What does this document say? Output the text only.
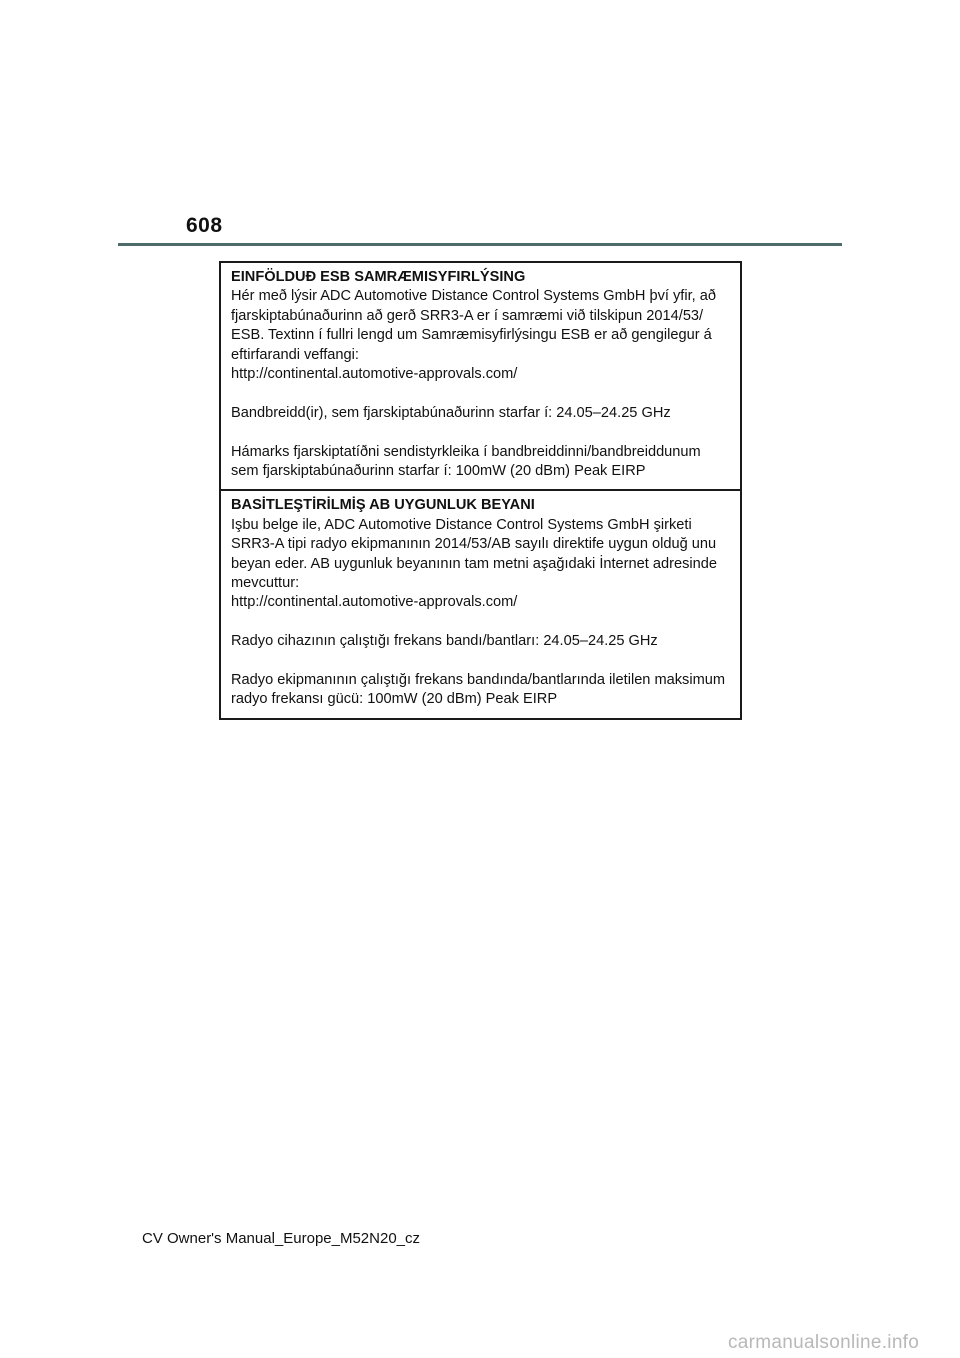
608

EINFÖLDUÐ ESB SAMRÆMISYFIRLÝSING

Hér með lýsir ADC Automotive Distance Control Systems GmbH því yfir, að fjarskiptabúnaðurinn að gerð SRR3-A er í samræmi við tilskipun 2014/53/ ESB. Textinn í fullri lengd um Samræmisyfirlýsingu ESB er að gengilegur á eftirfarandi veffangi:

http://continental.automotive-approvals.com/

Bandbreidd(ir), sem fjarskiptabúnaðurinn starfar í: 24.05–24.25 GHz

Hámarks fjarskiptatíðni sendistyrkleika í bandbreiddinni/bandbreiddunum sem fjarskiptabúnaðurinn starfar í: 100mW (20 dBm) Peak EIRP

BASİTLEŞTİRİLMİŞ AB UYGUNLUK BEYANI

Işbu belge ile, ADC Automotive Distance Control Systems GmbH şirketi SRR3-A tipi radyo ekipmanının 2014/53/AB sayılı direktife uygun olduğ unu beyan eder. AB uygunluk beyanının tam metni aşağıdaki İnternet adresinde mevcuttur:

http://continental.automotive-approvals.com/

Radyo cihazının çalıştığı frekans bandı/bantları: 24.05–24.25 GHz

Radyo ekipmanının çalıştığı frekans bandında/bantlarında iletilen maksimum radyo frekansı gücü: 100mW (20 dBm) Peak EIRP

CV Owner's Manual_Europe_M52N20_cz
carmanualsonline.info
